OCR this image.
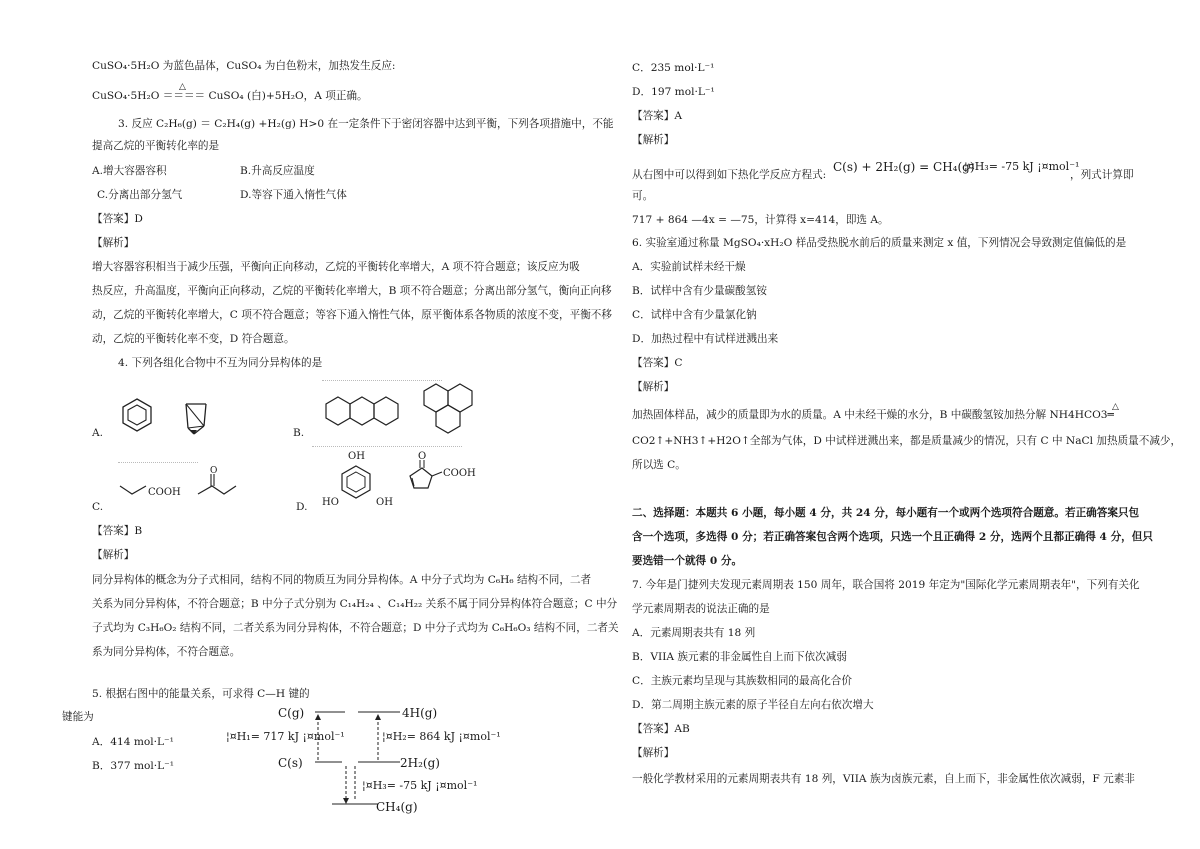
CuSO₄·5H₂O 为蓝色晶体，CuSO₄ 为白色粉末，加热发生反应:
△
CuSO₄·5H₂O ＝＝＝＝ CuSO₄ (白)+5H₂O，A 项正确。
3. 反应 C₂H₆(g) ＝ C₂H₄(g) +H₂(g) H>0 在一定条件下于密闭容器中达到平衡，下列各项措施中，不能
提高乙烷的平衡转化率的是
A.增大容器容积	B.升高反应温度
C.分离出部分氢气	D.等容下通入惰性气体
【答案】D
【解析】
增大容器容积相当于减少压强，平衡向正向移动，乙烷的平衡转化率增大，A 项不符合题意；该反应为吸
热反应，升高温度，平衡向正向移动，乙烷的平衡转化率增大，B 项不符合题意；分离出部分氢气，衡向正向移
动，乙烷的平衡转化率增大，C 项不符合题意；等容下通入惰性气体，原平衡体系各物质的浓度不变，平衡不移
动，乙烷的平衡转化率不变，D 符合题意。
4. 下列各组化合物中不互为同分异构体的是
A.	B.
C.
COOH
O
D.
OH
HO	OH
O
COOH
【答案】B
【解析】
同分异构体的概念为分子式相同，结构不同的物质互为同分异构体。A 中分子式均为 C₆H₆ 结构不同，二者
关系为同分异构体，不符合题意；B 中分子式分别为 C₁₄H₂₄ 、C₁₄H₂₂ 关系不属于同分异构体符合题意；C 中分
子式均为 C₃H₆O₂ 结构不同，二者关系为同分异构体，不符合题意；D 中分子式均为 C₆H₆O₃ 结构不同，二者关
系为同分异构体，不符合题意。
5. 根据右图中的能量关系，可求得 C—H 键的
键能为
A．414 mol·L⁻¹
B．377 mol·L⁻¹
C(g)	4H(g)
¦¤H₁= 717 kJ ¡¤mol⁻¹	¦¤H₂= 864 kJ ¡¤mol⁻¹
C(s)	2H₂(g)
¦¤H₃= -75 kJ ¡¤mol⁻¹
CH₄(g)
C．235 mol·L⁻¹
D．197 mol·L⁻¹
【答案】A
【解析】
从右图中可以得到如下热化学反应方程式:
C(s) + 2H₂(g) = CH₄(g)
¦¤H₃= -75 kJ ¡¤mol⁻¹
，列式计算即
可。
717 + 864 —4x = —75，计算得 x=414，即选 A。
6. 实验室通过称量 MgSO₄·xH₂O 样品受热脱水前后的质量来测定 x 值，下列情况会导致测定值偏低的是
A．实验前试样未经干燥
B．试样中含有少量碳酸氢铵
C．试样中含有少量氯化钠
D．加热过程中有试样迸溅出来
【答案】C
【解析】
△
加热固体样品，减少的质量即为水的质量。A 中未经干燥的水分，B 中碳酸氢铵加热分解 NH4HCO3═
CO2↑+NH3↑+H2O↑全部为气体，D 中试样迸溅出来，都是质量减少的情况，只有 C 中 NaCl 加热质量不减少，
所以选 C。
二、选择题：本题共 6 小题，每小题 4 分，共 24 分，每小题有一个或两个选项符合题意。若正确答案只包
含一个选项，多选得 0 分；若正确答案包含两个选项，只选一个且正确得 2 分，选两个且都正确得 4 分，但只
要选错一个就得 0 分。
7. 今年是门捷列夫发现元素周期表 150 周年，联合国将 2019 年定为"国际化学元素周期表年"，下列有关化
学元素周期表的说法正确的是
A．元素周期表共有 18 列
B．VIIA 族元素的非金属性自上而下依次减弱
C．主族元素均呈现与其族数相同的最高化合价
D．第二周期主族元素的原子半径自左向右依次增大
【答案】AB
【解析】
一般化学教材采用的元素周期表共有 18 列，VIIA 族为卤族元素，自上而下，非金属性依次减弱，F 元素非
